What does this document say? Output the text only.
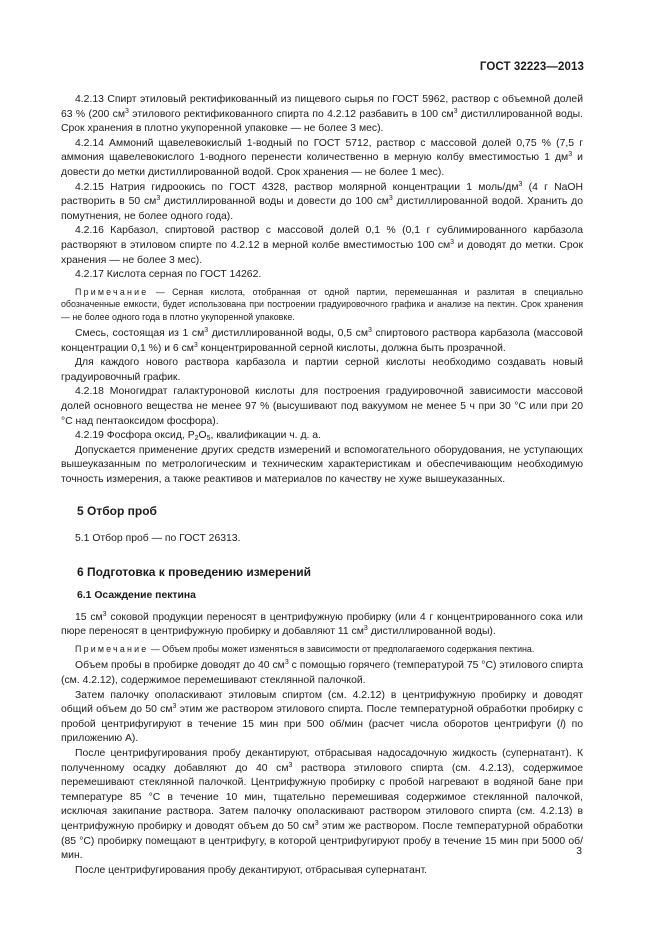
ГОСТ 32223—2013

4.2.13 Спирт этиловый ректификованный из пищевого сырья по ГОСТ 5962, раствор с объемной долей 63 % (200 $см^3$ этилового ректификованного спирта по 4.2.12 разбавить в 100 $см^3$ дистиллированной воды. Срок хранения в плотно укупоренной упаковке — не более 3 мес).

4.2.14 Аммоний щавелевокислый 1-водный по ГОСТ 5712, раствор с массовой долей 0,75 % (7,5 г аммония щавелевокислого 1-водного перенести количественно в мерную колбу вместимостью 1 $дм^3$ и довести до метки дистиллированной водой. Срок хранения — не более 1 мес).

4.2.15 Натрия гидроокись по ГОСТ 4328, раствор молярной концентрации 1 моль/$дм^3$ (4 г NaOH растворить в 50 $см^3$ дистиллированной воды и довести до 100 $см^3$ дистиллированной водой. Хранить до помутнения, не более одного года).

4.2.16 Карбазол, спиртовой раствор с массовой долей 0,1 % (0,1 г сублимированного карбазола растворяют в этиловом спирте по 4.2.12 в мерной колбе вместимостью 100 $см^3$ и доводят до метки. Срок хранения — не более 3 мес).

4.2.17 Кислота серная по ГОСТ 14262.

Примечание — Серная кислота, отобранная от одной партии, перемешанная и разлитая в специально обозначенные емкости, будет использована при построении градуировочного графика и анализе на пектин. Срок хранения — не более одного года в плотно укупоренной упаковке.

Смесь, состоящая из 1 $см^3$ дистиллированной воды, 0,5 $см^3$ спиртового раствора карбазола (массовой концентрации 0,1 %) и 6 $см^3$ концентрированной серной кислоты, должна быть прозрачной.

Для каждого нового раствора карбазола и партии серной кислоты необходимо создавать новый градуировочный график.

4.2.18 Моногидрат галактуроновой кислоты для построения градуировочной зависимости массовой долей основного вещества не менее 97 % (высушивают под вакуумом не менее 5 ч при 30 °С или при 20 °С над пентаоксидом фосфора).

4.2.19 Фосфора оксид, $Р_2О_5$, квалификации ч. д. а.

Допускается применение других средств измерений и вспомогательного оборудования, не уступающих вышеуказанным по метрологическим и техническим характеристикам и обеспечивающим необходимую точность измерения, а также реактивов и материалов по качеству не хуже вышеуказанных.

5 Отбор проб

5.1 Отбор проб — по ГОСТ 26313.

6 Подготовка к проведению измерений
6.1 Осаждение пектина

15 $см^3$ соковой продукции переносят в центрифужную пробирку (или 4 г концентрированного сока или пюре переносят в центрифужную пробирку и добавляют 11 $см^3$ дистиллированной воды).

Примечание — Объем пробы может изменяться в зависимости от предполагаемого содержания пектина.

Объем пробы в пробирке доводят до 40 $см^3$ с помощью горячего (температурой 75 °С) этилового спирта (см. 4.2.12), содержимое перемешивают стеклянной палочкой.

Затем палочку ополаскивают этиловым спиртом (см. 4.2.12) в центрифужную пробирку и доводят общий объем до 50 $см^3$ этим же раствором этилового спирта. После температурной обработки пробирку с пробой центрифугируют в течение 15 мин при 500 об/мин (расчет числа оборотов центрифуги (l) по приложению А).

После центрифугирования пробу декантируют, отбрасывая надосадочную жидкость (супернатант). К полученному осадку добавляют до 40 $см^3$ раствора этилового спирта (см. 4.2.13), содержимое перемешивают стеклянной палочкой. Центрифужную пробирку с пробой нагревают в водяной бане при температуре 85 °С в течение 10 мин, тщательно перемешивая содержимое стеклянной палочкой, исключая закипание раствора. Затем палочку ополаскивают раствором этилового спирта (см. 4.2.13) в центрифужную пробирку и доводят объем до 50 $см^3$ этим же раствором. После температурной обработки (85 °С) пробирку помещают в центрифугу, в которой центрифугируют пробу в течение 15 мин при 5000 об/мин.

После центрифугирования пробу декантируют, отбрасывая супернатант.

3
